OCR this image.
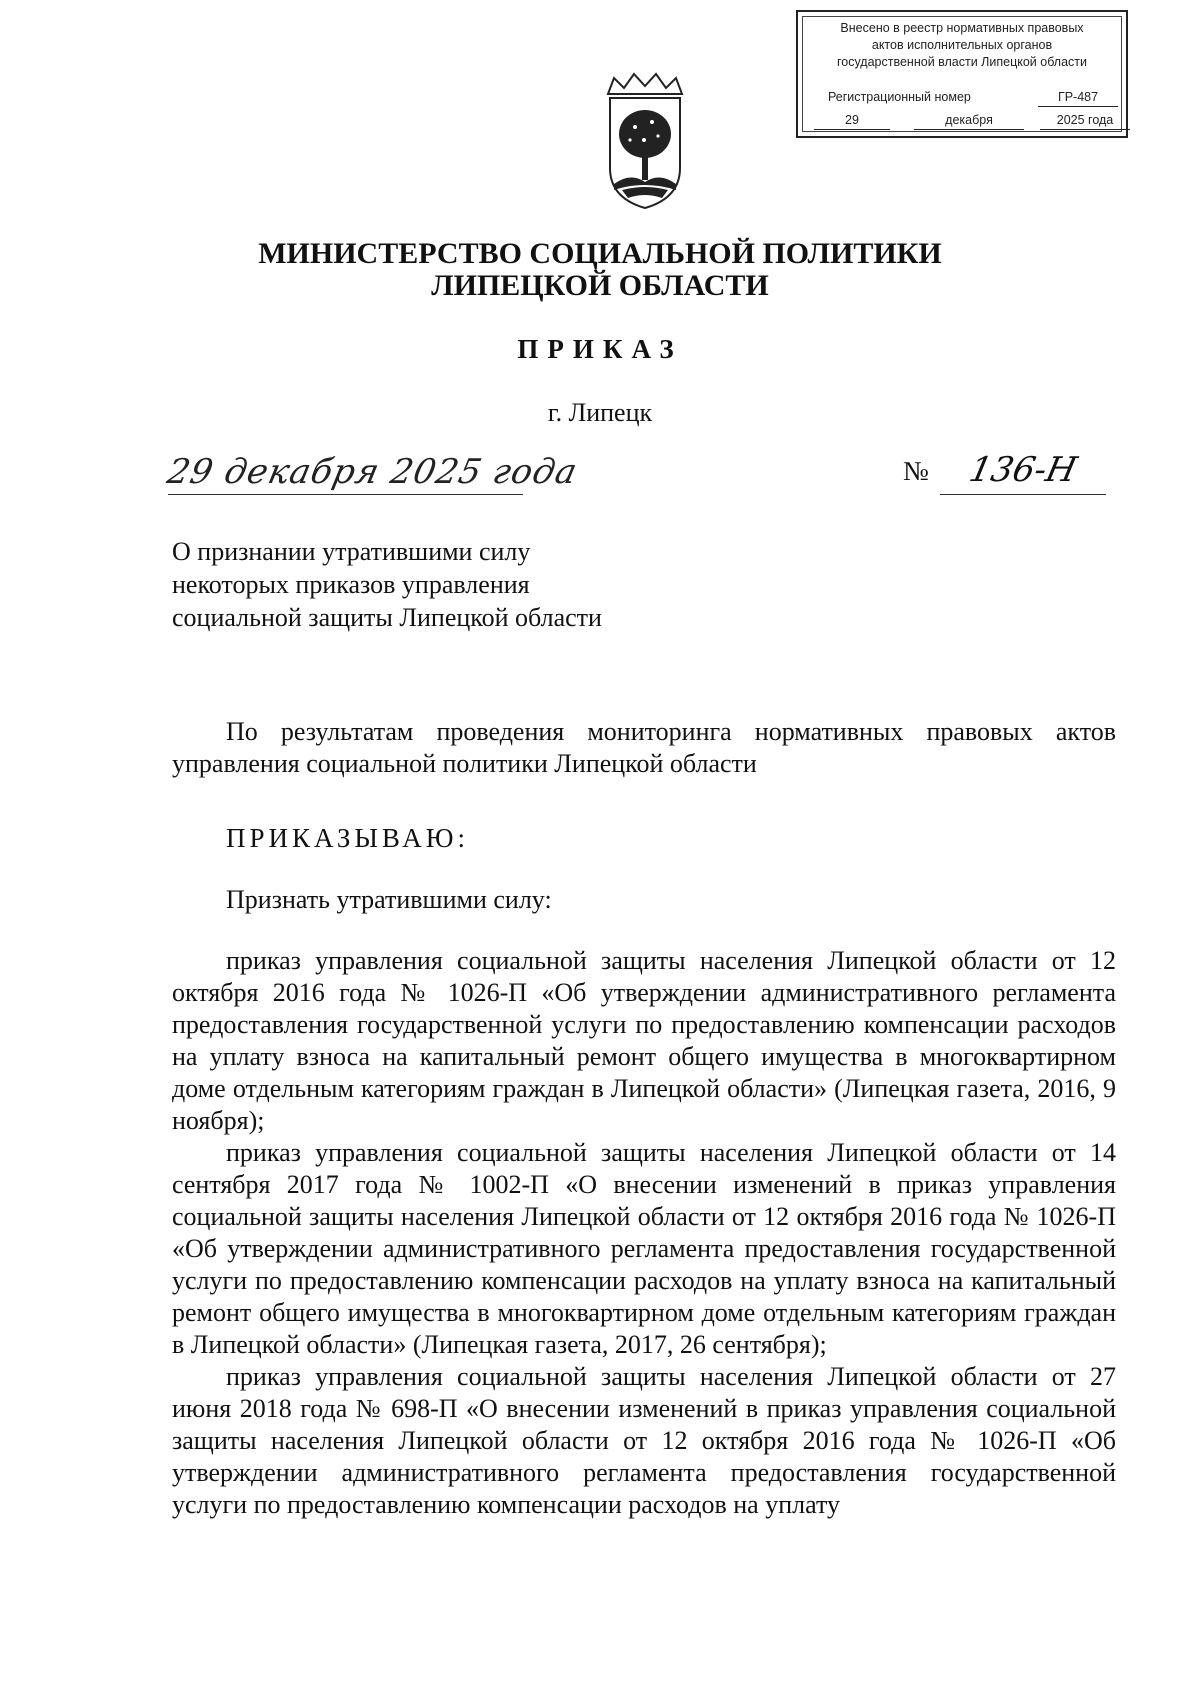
Внесено в реестр нормативных правовых
актов исполнительных органов
государственной власти Липецкой области
Регистрационный номер	ГР-487
29	декабря	2025 года
МИНИСТЕРСТВО СОЦИАЛЬНОЙ ПОЛИТИКИ
ЛИПЕЦКОЙ ОБЛАСТИ
ПРИКАЗ
г. Липецк
29 декабря 2025 года	№ 136-Н
О признании утратившими силу
некоторых приказов управления
социальной защиты Липецкой области

По результатам проведения мониторинга нормативных правовых актов управления социальной политики Липецкой области

ПРИКАЗЫВАЮ:
Признать утратившими силу:

приказ управления социальной защиты населения Липецкой области от 12 октября 2016 года № 1026-П «Об утверждении административного регламента предоставления государственной услуги по предоставлению компенсации расходов на уплату взноса на капитальный ремонт общего имущества в многоквартирном доме отдельным категориям граждан в Липецкой области» (Липецкая газета, 2016, 9 ноября);

приказ управления социальной защиты населения Липецкой области от 14 сентября 2017 года № 1002-П «О внесении изменений в приказ управления социальной защиты населения Липецкой области от 12 октября 2016 года № 1026-П «Об утверждении административного регламента предоставления государственной услуги по предоставлению компенсации расходов на уплату взноса на капитальный ремонт общего имущества в многоквартирном доме отдельным категориям граждан в Липецкой области» (Липецкая газета, 2017, 26 сентября);

приказ управления социальной защиты населения Липецкой области от 27 июня 2018 года № 698-П «О внесении изменений в приказ управления социальной защиты населения Липецкой области от 12 октября 2016 года № 1026-П «Об утверждении административного регламента предоставления государственной услуги по предоставлению компенсации расходов на уплату
